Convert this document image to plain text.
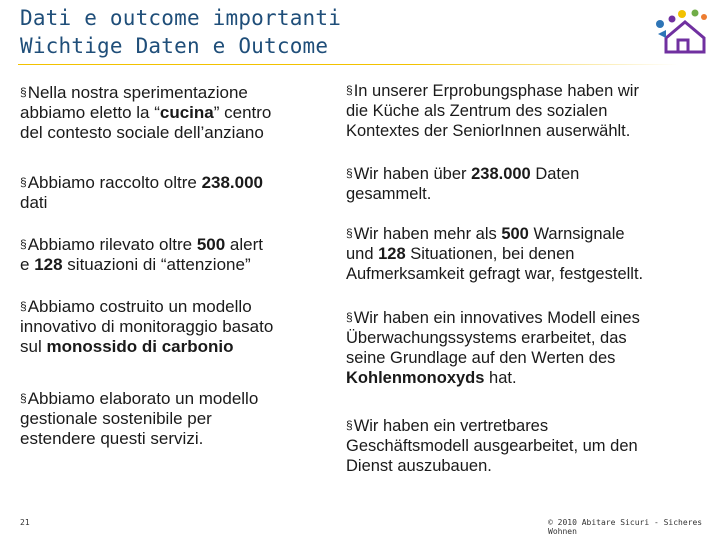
Dati e outcome importanti
Wichtige Daten e Outcome
§Nella nostra sperimentazione
abbiamo eletto la “cucina” centro
del contesto sociale dell’anziano
§Abbiamo raccolto oltre 238.000
dati
§Abbiamo rilevato oltre 500 alert
e 128 situazioni di “attenzione”
§Abbiamo costruito un modello
innovativo di monitoraggio basato
sul monossido di carbonio
§Abbiamo elaborato un modello
gestionale sostenibile per
estendere questi servizi.
§In unserer Erprobungsphase haben wir
die Küche als Zentrum des sozialen
Kontextes der SeniorInnen auserwählt.
§Wir haben über 238.000 Daten
gesammelt.
§Wir haben mehr als 500 Warnsignale
und 128 Situationen, bei denen
Aufmerksamkeit gefragt war, festgestellt.
§Wir haben ein innovatives Modell eines
Überwachungssystems erarbeitet, das
seine Grundlage auf den Werten des
Kohlenmonoxyds hat.
§Wir haben ein vertretbares
Geschäftsmodell ausgearbeitet, um den
Dienst auszubauen.
21	© 2010 Abitare Sicuri - Sicheres Wohnen
